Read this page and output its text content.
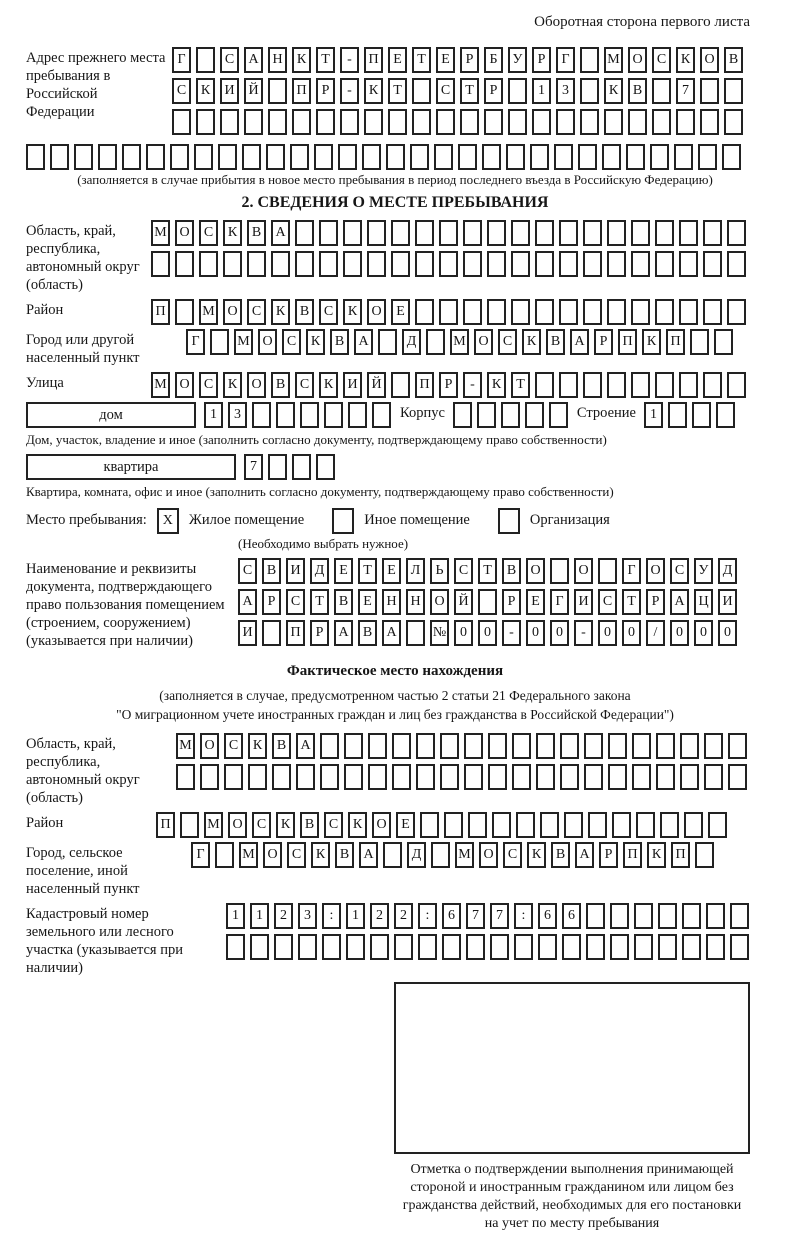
Оборотная сторона первого листа
Адрес прежнего места пребывания в Российской Федерации
Г	С	А Н	К	Т	-	П	Е	Т	Е	Р	Б	У	Р	Г	М О	С	К	О	В
С	К	И Й	П	Р	-	К	Т	С	Т	Р	1	3	К	В	7
(заполняется в случае прибытия в новое место пребывания в период последнего въезда в Российскую Федерацию)
2. СВЕДЕНИЯ О МЕСТЕ ПРЕБЫВАНИЯ
Область, край, республика, автономный округ (область)
М О	С	К	В	А
Район	П	М О	С	К	В	С	К	О	Е
Город или другой населенный пункт
Г	М О	С	К	В	А	Д	М О	С	К	В	А	Р	П	К	П
Улица	М О	С	К	О	В	С	К	И Й	П	Р	-	К	Т
дом	1	3	Корпус	Строение	1
Дом, участок, владение и иное (заполнить согласно документу, подтверждающему право собственности)
квартира	7
Квартира, комната, офис и иное (заполнить согласно документу, подтверждающему право собственности)
Место пребывания:	X	Жилое помещение	Иное помещение	Организация
(Необходимо выбрать нужное)
Наименование и реквизиты документа, подтверждающего право пользования помещением (строением, сооружением) (указывается при наличии)
С	В	И	Д	Е	Т	Е	Л	Ь	С	Т	В	О	О	Г	О	С	У	Д
А	Р	С	Т	В	Е	Н Н О Й	Р	Е	Г	И	С	Т	Р	А Ц И
И	П	Р	А	В	А	№ 0	0	-	0	0	-	0	0	/	0	0	0
Фактическое место нахождения
(заполняется в случае, предусмотренном частью 2 статьи 21 Федерального закона
"О миграционном учете иностранных граждан и лиц без гражданства в Российской Федерации")
Область, край, республика, автономный округ (область)
М О	С	К	В	А
Район	П	М О	С	К	В	С	К	О	Е
Город, сельское поселение, иной населенный пункт
Г	М О	С	К	В	А	Д	М О	С	К	В	А	Р	П	К	П
Кадастровый номер земельного или лесного участка (указывается при наличии)
1	1	2	3	:	1	2	2	:	6	7	7	:	6	6
Отметка о подтверждении выполнения принимающей
стороной и иностранным гражданином или лицом без
гражданства действий, необходимых для его постановки
на учет по месту пребывания
